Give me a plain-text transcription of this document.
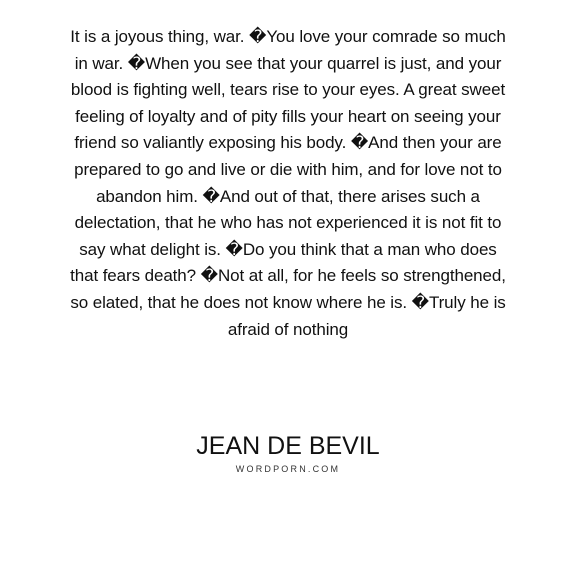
It is a joyous thing, war. �You love your comrade so much
in war. �When you see that your quarrel is just, and your
blood is fighting well, tears rise to your eyes. A great sweet
feeling of loyalty and of pity fills your heart on seeing your
friend so valiantly exposing his body. �And then your are
prepared to go and live or die with him, and for love not to
abandon him. �And out of that, there arises such a
delectation, that he who has not experienced it is not fit to
say what delight is. �Do you think that a man who does
that fears death? �Not at all, for he feels so strengthened,
so elated, that he does not know where he is. �Truly he is
afraid of nothing

JEAN DE BEVIL
WORDPORN.COM
